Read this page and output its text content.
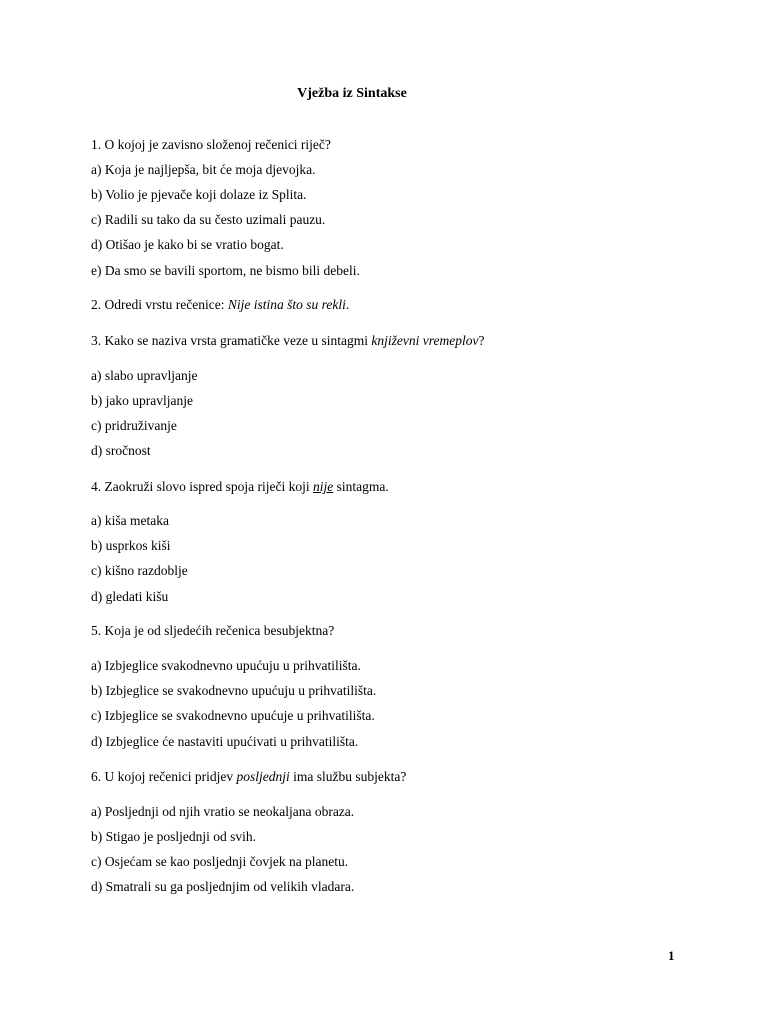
Vježba iz Sintakse
1. O kojoj je zavisno složenoj rečenici riječ?
a) Koja je najljepša, bit će moja djevojka.
b) Volio je pjevače koji dolaze iz Splita.
c) Radili su tako da su često uzimali pauzu.
d) Otišao je kako bi se vratio bogat.
e) Da smo se bavili sportom, ne bismo bili debeli.
2. Odredi vrstu rečenice: Nije istina što su rekli.
3. Kako se naziva vrsta gramatičke veze u sintagmi književni vremeplov?
a) slabo upravljanje
b) jako upravljanje
c) pridruživanje
d) sročnost
4. Zaokruži slovo ispred spoja riječi koji nije sintagma.
a) kiša metaka
b) usprkos kiši
c) kišno razdoblje
d) gledati kišu
5. Koja je od sljedećih rečenica besubjektna?
a) Izbjeglice svakodnevno upućuju u prihvatilišta.
b) Izbjeglice se svakodnevno upućuju u prihvatilišta.
c) Izbjeglice se svakodnevno upućuje u prihvatilišta.
d) Izbjeglice će nastaviti upućivati u prihvatilišta.
6. U kojoj rečenici pridjev posljednji ima službu subjekta?
a) Posljednji od njih vratio se neokaljana obraza.
b) Stigao je posljednji od svih.
c) Osjećam se kao posljednji čovjek na planetu.
d) Smatrali su ga posljednjim od velikih vladara.
1
